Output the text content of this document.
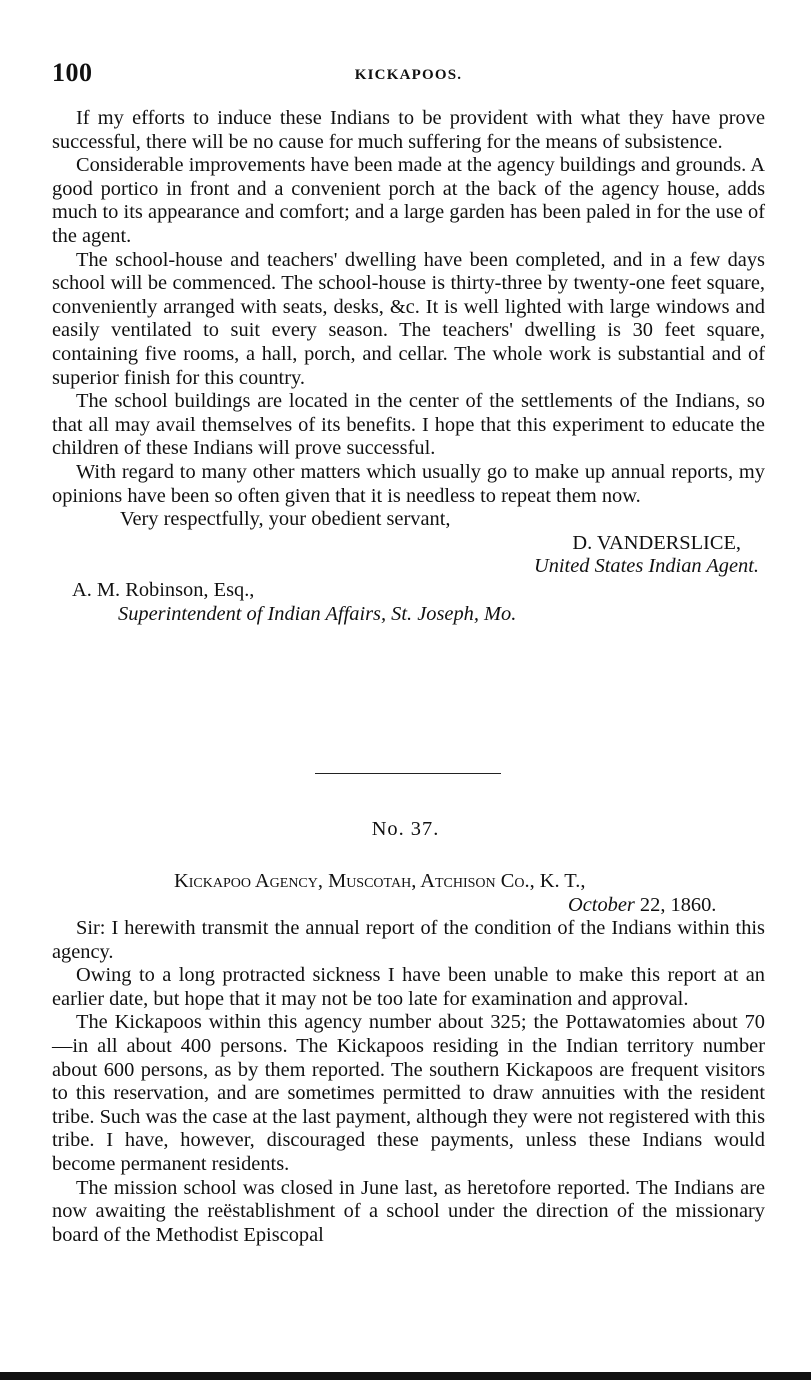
100	KICKAPOOS.

If my efforts to induce these Indians to be provident with what they have prove successful, there will be no cause for much suffering for the means of subsistence.

Considerable improvements have been made at the agency buildings and grounds. A good portico in front and a convenient porch at the back of the agency house, adds much to its appearance and comfort; and a large garden has been paled in for the use of the agent.

The school-house and teachers' dwelling have been completed, and in a few days school will be commenced. The school-house is thirty-three by twenty-one feet square, conveniently arranged with seats, desks, &c. It is well lighted with large windows and easily ventilated to suit every season. The teachers' dwelling is 30 feet square, containing five rooms, a hall, porch, and cellar. The whole work is substantial and of superior finish for this country.

The school buildings are located in the center of the settlements of the Indians, so that all may avail themselves of its benefits. I hope that this experiment to educate the children of these Indians will prove successful.

With regard to many other matters which usually go to make up annual reports, my opinions have been so often given that it is needless to repeat them now.

Very respectfully, your obedient servant,
D. VANDERSLICE,
United States Indian Agent.
A. M. Robinson, Esq.,
Superintendent of Indian Affairs, St. Joseph, Mo.
No. 37.
Kickapoo Agency, Muscotah, Atchison Co., K. T.,
October 22, 1860.

Sir: I herewith transmit the annual report of the condition of the Indians within this agency.

Owing to a long protracted sickness I have been unable to make this report at an earlier date, but hope that it may not be too late for examination and approval.

The Kickapoos within this agency number about 325; the Pottawatomies about 70—in all about 400 persons. The Kickapoos residing in the Indian territory number about 600 persons, as by them reported. The southern Kickapoos are frequent visitors to this reservation, and are sometimes permitted to draw annuities with the resident tribe. Such was the case at the last payment, although they were not registered with this tribe. I have, however, discouraged these payments, unless these Indians would become permanent residents.

The mission school was closed in June last, as heretofore reported. The Indians are now awaiting the reëstablishment of a school under the direction of the missionary board of the Methodist Episcopal
